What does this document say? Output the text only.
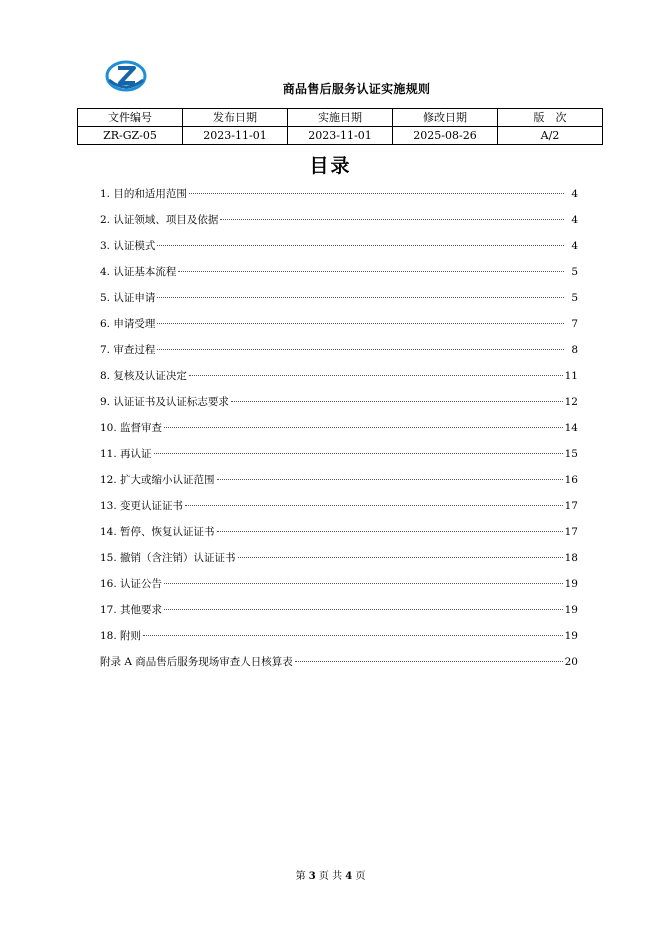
商品售后服务认证实施规则
文件编号	发布日期	实施日期	修改日期	版　次
ZR-GZ-05	2023-11-01	2023-11-01	2025-08-26	A/2
目录
1. 目的和适用范围	4
2. 认证领域、项目及依据	4
3. 认证模式	4
4. 认证基本流程	5
5. 认证申请	5
6. 申请受理	7
7. 审查过程	8
8. 复核及认证决定	11
9. 认证证书及认证标志要求	12
10. 监督审查	14
11. 再认证	15
12. 扩大或缩小认证范围	16
13. 变更认证证书	17
14. 暂停、恢复认证证书	17
15. 撤销（含注销）认证证书	18
16. 认证公告	19
17. 其他要求	19
18. 附则	19
附录 A 商品售后服务现场审查人日核算表	20
第 3 页 共 4 页
